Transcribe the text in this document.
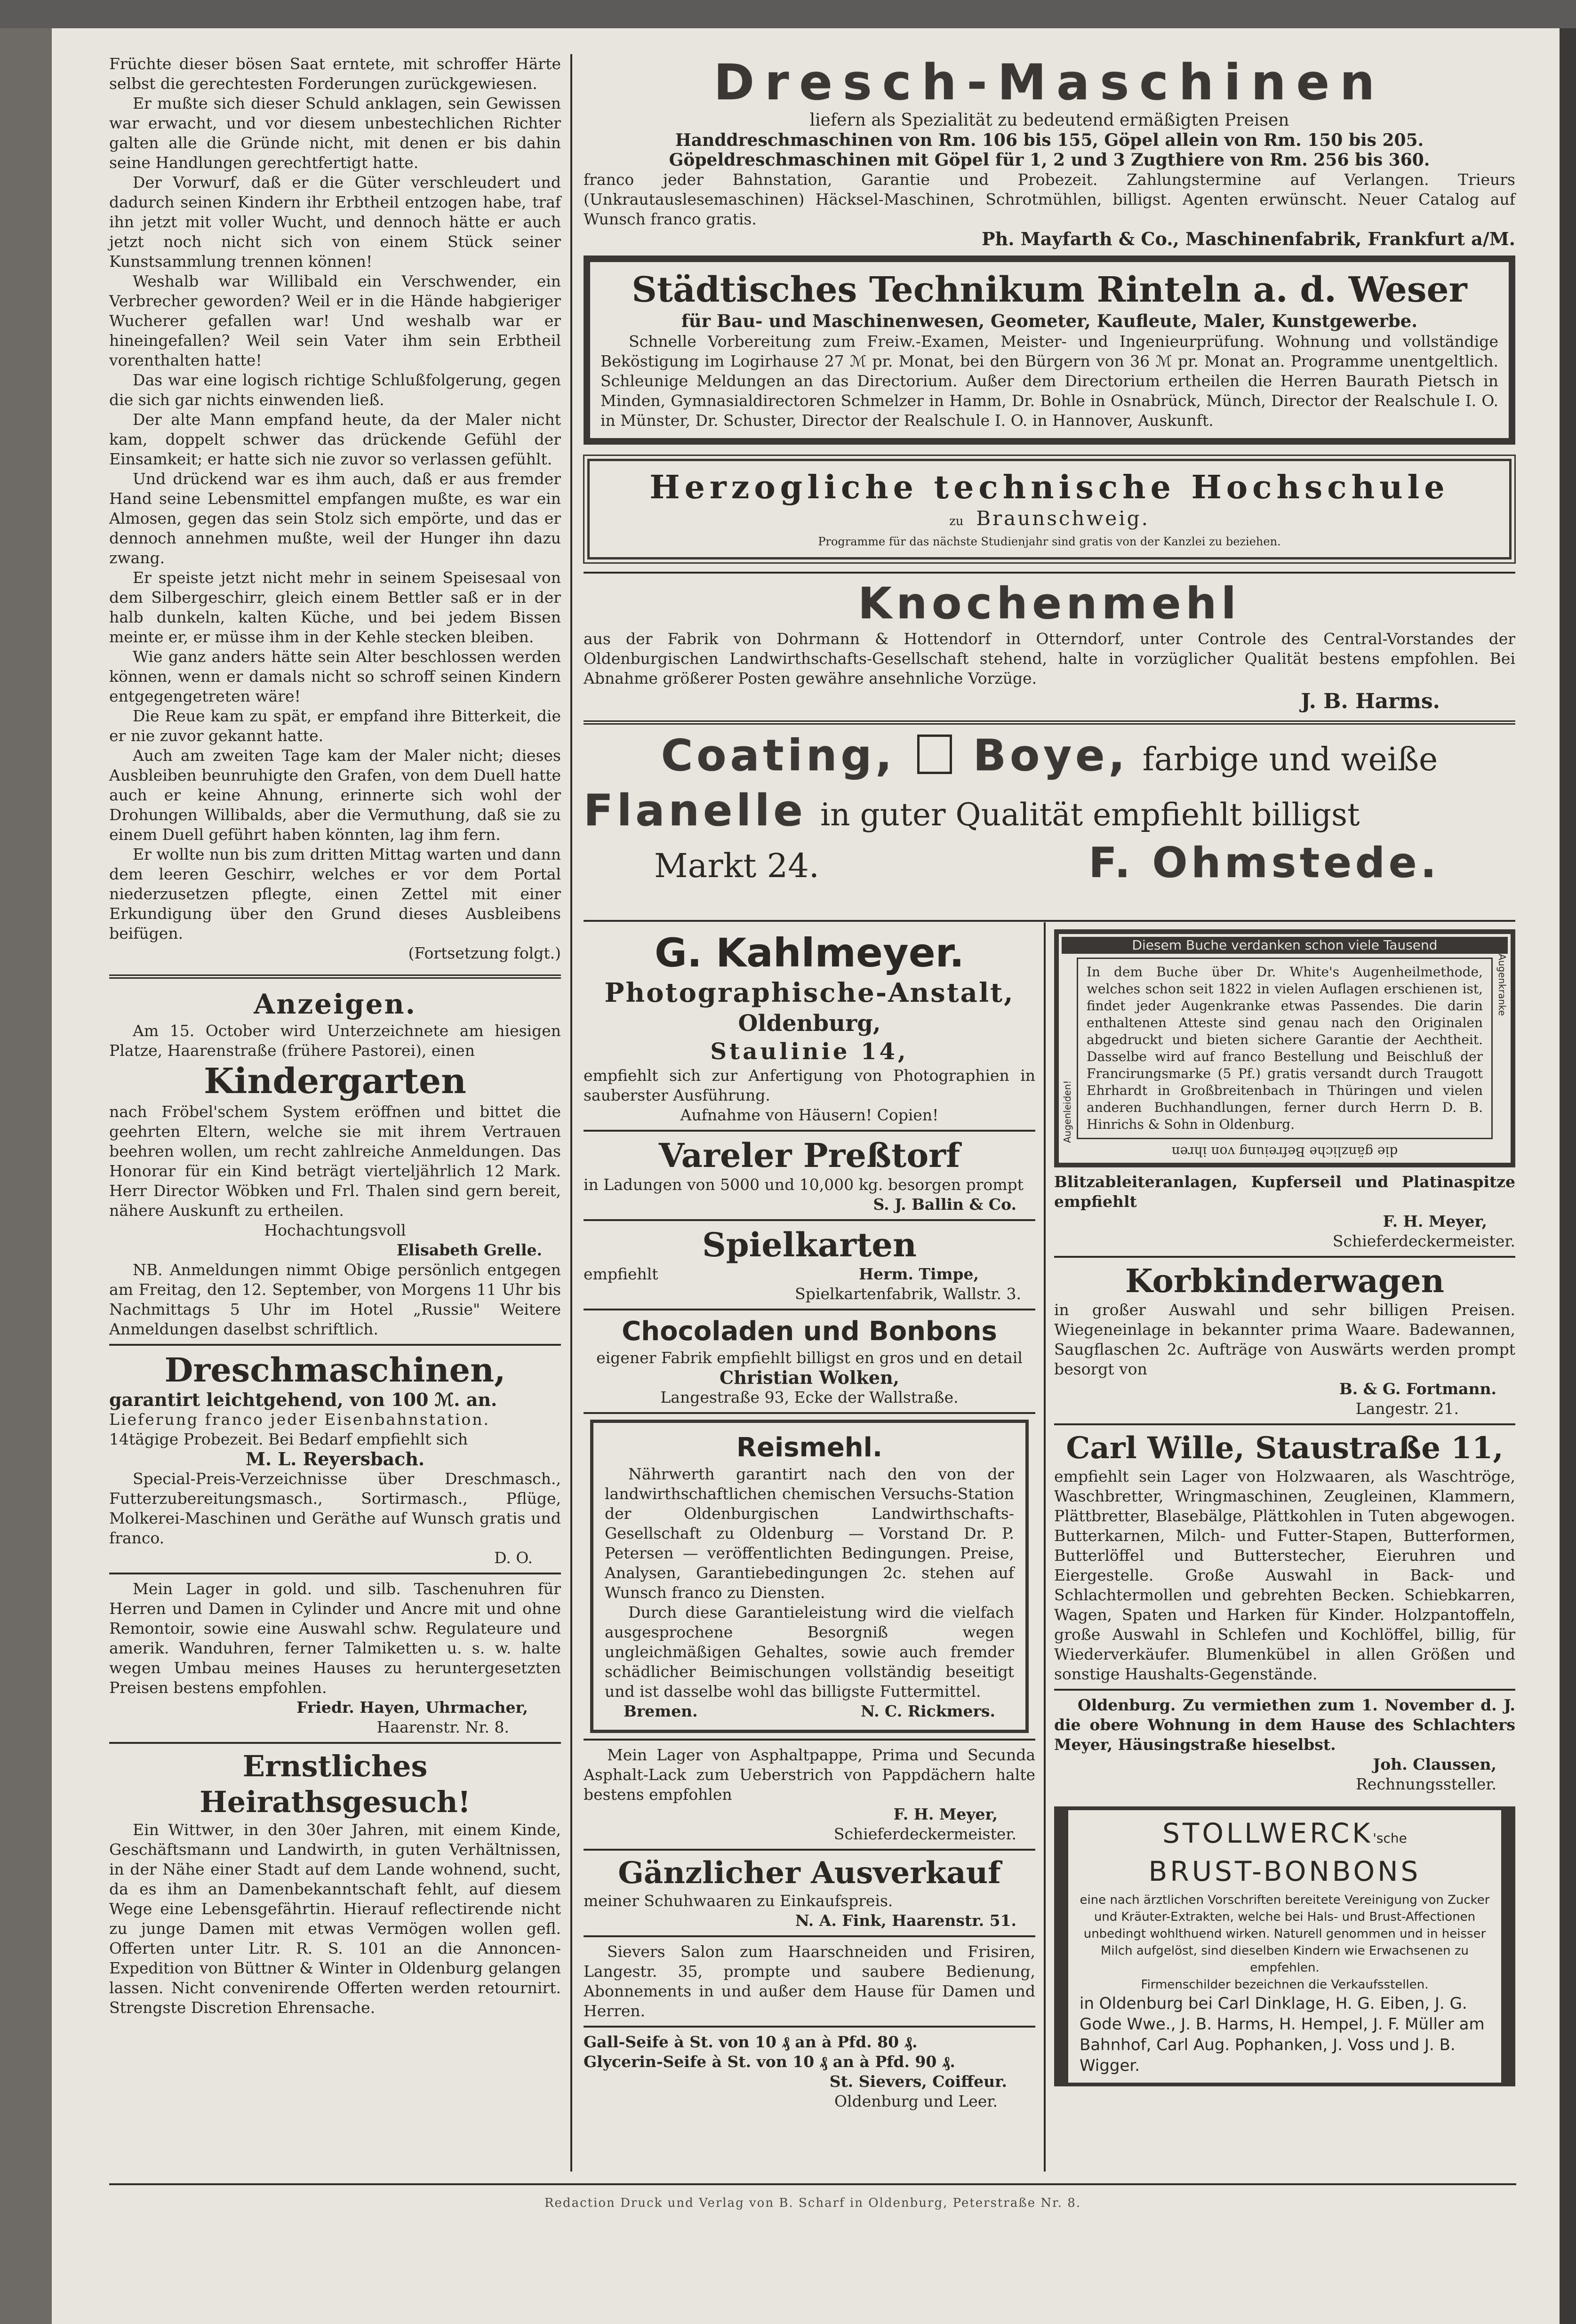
Früchte dieser bösen Saat erntete, mit schroffer Härte selbst die gerechtesten Forderungen zurückgewiesen.

Er mußte sich dieser Schuld anklagen, sein Gewissen war erwacht, und vor diesem unbestechlichen Richter galten alle die Gründe nicht, mit denen er bis dahin seine Handlungen gerechtfertigt hatte.

Der Vorwurf, daß er die Güter verschleudert und dadurch seinen Kindern ihr Erbtheil entzogen habe, traf ihn jetzt mit voller Wucht, und dennoch hätte er auch jetzt noch nicht sich von einem Stück seiner Kunstsammlung trennen können!

Weshalb war Willibald ein Verschwender, ein Verbrecher geworden? Weil er in die Hände habgieriger Wucherer gefallen war! Und weshalb war er hineingefallen? Weil sein Vater ihm sein Erbtheil vorenthalten hatte!

Das war eine logisch richtige Schlußfolgerung, gegen die sich gar nichts einwenden ließ.

Der alte Mann empfand heute, da der Maler nicht kam, doppelt schwer das drückende Gefühl der Einsamkeit; er hatte sich nie zuvor so verlassen gefühlt.

Und drückend war es ihm auch, daß er aus fremder Hand seine Lebensmittel empfangen mußte, es war ein Almosen, gegen das sein Stolz sich empörte, und das er dennoch annehmen mußte, weil der Hunger ihn dazu zwang.

Er speiste jetzt nicht mehr in seinem Speisesaal von dem Silbergeschirr, gleich einem Bettler saß er in der halb dunkeln, kalten Küche, und bei jedem Bissen meinte er, er müsse ihm in der Kehle stecken bleiben.

Wie ganz anders hätte sein Alter beschlossen werden können, wenn er damals nicht so schroff seinen Kindern entgegengetreten wäre!

Die Reue kam zu spät, er empfand ihre Bitterkeit, die er nie zuvor gekannt hatte.

Auch am zweiten Tage kam der Maler nicht; dieses Ausbleiben beunruhigte den Grafen, von dem Duell hatte auch er keine Ahnung, erinnerte sich wohl der Drohungen Willibalds, aber die Vermuthung, daß sie zu einem Duell geführt haben könnten, lag ihm fern.

Er wollte nun bis zum dritten Mittag warten und dann dem leeren Geschirr, welches er vor dem Portal niederzusetzen pflegte, einen Zettel mit einer Erkundigung über den Grund dieses Ausbleibens beifügen.

(Fortsetzung folgt.)

Anzeigen.

Am 15. October wird Unterzeichnete am hiesigen Platze, Haarenstraße (frühere Pastorei), einen

Kindergarten

nach Fröbel'schem System eröffnen und bittet die geehrten Eltern, welche sie mit ihrem Vertrauen beehren wollen, um recht zahlreiche Anmeldungen. Das Honorar für ein Kind beträgt vierteljährlich 12 Mark. Herr Director Wöbken und Frl. Thalen sind gern bereit, nähere Auskunft zu ertheilen.

Hochachtungsvoll

Elisabeth Grelle.

NB. Anmeldungen nimmt Obige persönlich entgegen am Freitag, den 12. September, von Morgens 11 Uhr bis Nachmittags 5 Uhr im Hotel „Russie" Weitere Anmeldungen daselbst schriftlich.

Dreschmaschinen,

garantirt leichtgehend, von 100 ℳ. an.

Lieferung franco jeder Eisenbahnstation.

14tägige Probezeit. Bei Bedarf empfiehlt sich

M. L. Reyersbach.

Special-Preis-Verzeichnisse über Dreschmasch., Futterzubereitungsmasch., Sortirmasch., Pflüge, Molkerei-Maschinen und Geräthe auf Wunsch gratis und franco.

D. O.

Mein Lager in gold. und silb. Taschenuhren für Herren und Damen in Cylinder und Ancre mit und ohne Remontoir, sowie eine Auswahl schw. Regulateure und amerik. Wanduhren, ferner Talmiketten u. s. w. halte wegen Umbau meines Hauses zu heruntergesetzten Preisen bestens empfohlen.

Friedr. Hayen, Uhrmacher,

Haarenstr. Nr. 8.

Ernstliches Heirathsgesuch!

Ein Wittwer, in den 30er Jahren, mit einem Kinde, Geschäftsmann und Landwirth, in guten Verhältnissen, in der Nähe einer Stadt auf dem Lande wohnend, sucht, da es ihm an Damenbekanntschaft fehlt, auf diesem Wege eine Lebensgefährtin. Hierauf reflectirende nicht zu junge Damen mit etwas Vermögen wollen gefl. Offerten unter Litr. R. S. 101 an die Annoncen-Expedition von Büttner & Winter in Oldenburg gelangen lassen. Nicht convenirende Offerten werden retournirt. Strengste Discretion Ehrensache.

Dresch-Maschinen

liefern als Spezialität zu bedeutend ermäßigten Preisen

Handdreschmaschinen von Rm. 106 bis 155, Göpel allein von Rm. 150 bis 205.

Göpeldreschmaschinen mit Göpel für 1, 2 und 3 Zugthiere von Rm. 256 bis 360.

franco jeder Bahnstation, Garantie und Probezeit. Zahlungstermine auf Verlangen. Trieurs (Unkrautauslesemaschinen) Häcksel-Maschinen, Schrotmühlen, billigst. Agenten erwünscht. Neuer Catalog auf Wunsch franco gratis.

Ph. Mayfarth & Co., Maschinenfabrik, Frankfurt a/M.

Städtisches Technikum Rinteln a. d. Weser

für Bau- und Maschinenwesen, Geometer, Kaufleute, Maler, Kunstgewerbe.

Schnelle Vorbereitung zum Freiw.-Examen, Meister- und Ingenieurprüfung. Wohnung und vollständige Beköstigung im Logirhause 27 ℳ pr. Monat, bei den Bürgern von 36 ℳ pr. Monat an. Programme unentgeltlich. Schleunige Meldungen an das Directorium. Außer dem Directorium ertheilen die Herren Baurath Pietsch in Minden, Gymnasialdirectoren Schmelzer in Hamm, Dr. Bohle in Osnabrück, Münch, Director der Realschule I. O. in Münster, Dr. Schuster, Director der Realschule I. O. in Hannover, Auskunft.

Herzogliche technische Hochschule

zu Braunschweig.

Programme für das nächste Studienjahr sind gratis von der Kanzlei zu beziehen.

Knochenmehl

aus der Fabrik von Dohrmann & Hottendorf in Otterndorf, unter Controle des Central-Vorstandes der Oldenburgischen Landwirthschafts-Gesellschaft stehend, halte in vorzüglicher Qualität bestens empfohlen. Bei Abnahme größerer Posten gewähre ansehnliche Vorzüge.

J. B. Harms.

Coating, Boye, farbige und weiße

Flanelle in guter Qualität empfiehlt billigst

Markt 24.	F. Ohmstede.

G. Kahlmeyer.

Photographische-Anstalt,

Oldenburg,

Staulinie 14,

empfiehlt sich zur Anfertigung von Photographien in sauberster Ausführung.

Aufnahme von Häusern! Copien!

Vareler Preßtorf

in Ladungen von 5000 und 10,000 kg. besorgen prompt

S. J. Ballin & Co.

Spielkarten

empfiehlt	Herm. Timpe,

Spielkartenfabrik, Wallstr. 3.

Chocoladen und Bonbons

eigener Fabrik empfiehlt billigst en gros und en detail

Christian Wolken,

Langestraße 93, Ecke der Wallstraße.

Reismehl.

Nährwerth garantirt nach den von der landwirthschaftlichen chemischen Versuchs-Station der Oldenburgischen Landwirthschafts-Gesellschaft zu Oldenburg — Vorstand Dr. P. Petersen — veröffentlichten Bedingungen. Preise, Analysen, Garantiebedingungen 2c. stehen auf Wunsch franco zu Diensten.

Durch diese Garantieleistung wird die vielfach ausgesprochene Besorgniß wegen ungleichmäßigen Gehaltes, sowie auch fremder schädlicher Beimischungen vollständig beseitigt und ist dasselbe wohl das billigste Futtermittel.

Bremen.	N. C. Rickmers.

Mein Lager von Asphaltpappe, Prima und Secunda Asphalt-Lack zum Ueberstrich von Pappdächern halte bestens empfohlen

F. H. Meyer,

Schieferdeckermeister.

Gänzlicher Ausverkauf

meiner Schuhwaaren zu Einkaufspreis.

N. A. Fink, Haarenstr. 51.

Sievers Salon zum Haarschneiden und Frisiren, Langestr. 35, prompte und saubere Bedienung, Abonnements in und außer dem Hause für Damen und Herren.

Gall-Seife à St. von 10 ₰ an à Pfd. 80 ₰.

Glycerin-Seife à St. von 10 ₰ an à Pfd. 90 ₰.

St. Sievers, Coiffeur.

Oldenburg und Leer.

Diesem Buche verdanken schon viele Tausend

Augenleiden!

In dem Buche über Dr. White's Augenheilmethode, welches schon seit 1822 in vielen Auflagen erschienen ist, findet jeder Augenkranke etwas Passendes. Die darin enthaltenen Atteste sind genau nach den Originalen abgedruckt und bieten sichere Garantie der Aechtheit. Dasselbe wird auf franco Bestellung und Beischluß der Francirungsmarke (5 Pf.) gratis versandt durch Traugott Ehrhardt in Großbreitenbach in Thüringen und vielen anderen Buchhandlungen, ferner durch Herrn D. B. Hinrichs & Sohn in Oldenburg.

Augenkranke

die gänzliche Befreiung von ihren

Blitzableiteranlagen, Kupferseil und Platinaspitze empfiehlt

F. H. Meyer,

Schieferdeckermeister.

Korbkinderwagen

in großer Auswahl und sehr billigen Preisen. Wiegeneinlage in bekannter prima Waare. Badewannen, Saugflaschen 2c. Aufträge von Auswärts werden prompt besorgt von

B. & G. Fortmann.

Langestr. 21.

Carl Wille, Staustraße 11,

empfiehlt sein Lager von Holzwaaren, als Waschtröge, Waschbretter, Wringmaschinen, Zeugleinen, Klammern, Plättbretter, Blasebälge, Plättkohlen in Tuten abgewogen. Butterkarnen, Milch- und Futter-Stapen, Butterformen, Butterlöffel und Butterstecher, Eieruhren und Eiergestelle. Große Auswahl in Back- und Schlachtermollen und gebrehten Becken. Schiebkarren, Wagen, Spaten und Harken für Kinder. Holzpantoffeln, große Auswahl in Schlefen und Kochlöffel, billig, für Wiederverkäufer. Blumenkübel in allen Größen und sonstige Haushalts-Gegenstände.

Oldenburg. Zu vermiethen zum 1. November d. J. die obere Wohnung in dem Hause des Schlachters Meyer, Häusingstraße hieselbst.

Joh. Claussen,

Rechnungssteller.

STOLLWERCK'sche

BRUST-BONBONS

eine nach ärztlichen Vorschriften bereitete Vereinigung von Zucker und Kräuter-Extrakten, welche bei Hals- und Brust-Affectionen unbedingt wohlthuend wirken. Naturell genommen und in heisser Milch aufgelöst, sind dieselben Kindern wie Erwachsenen zu empfehlen.

Firmenschilder bezeichnen die Verkaufsstellen.

in Oldenburg bei Carl Dinklage, H. G. Eiben, J. G. Gode Wwe., J. B. Harms, H. Hempel, J. F. Müller am Bahnhof, Carl Aug. Pophanken, J. Voss und J. B. Wigger.

Redaction Druck und Verlag von B. Scharf in Oldenburg, Peterstraße Nr. 8.
